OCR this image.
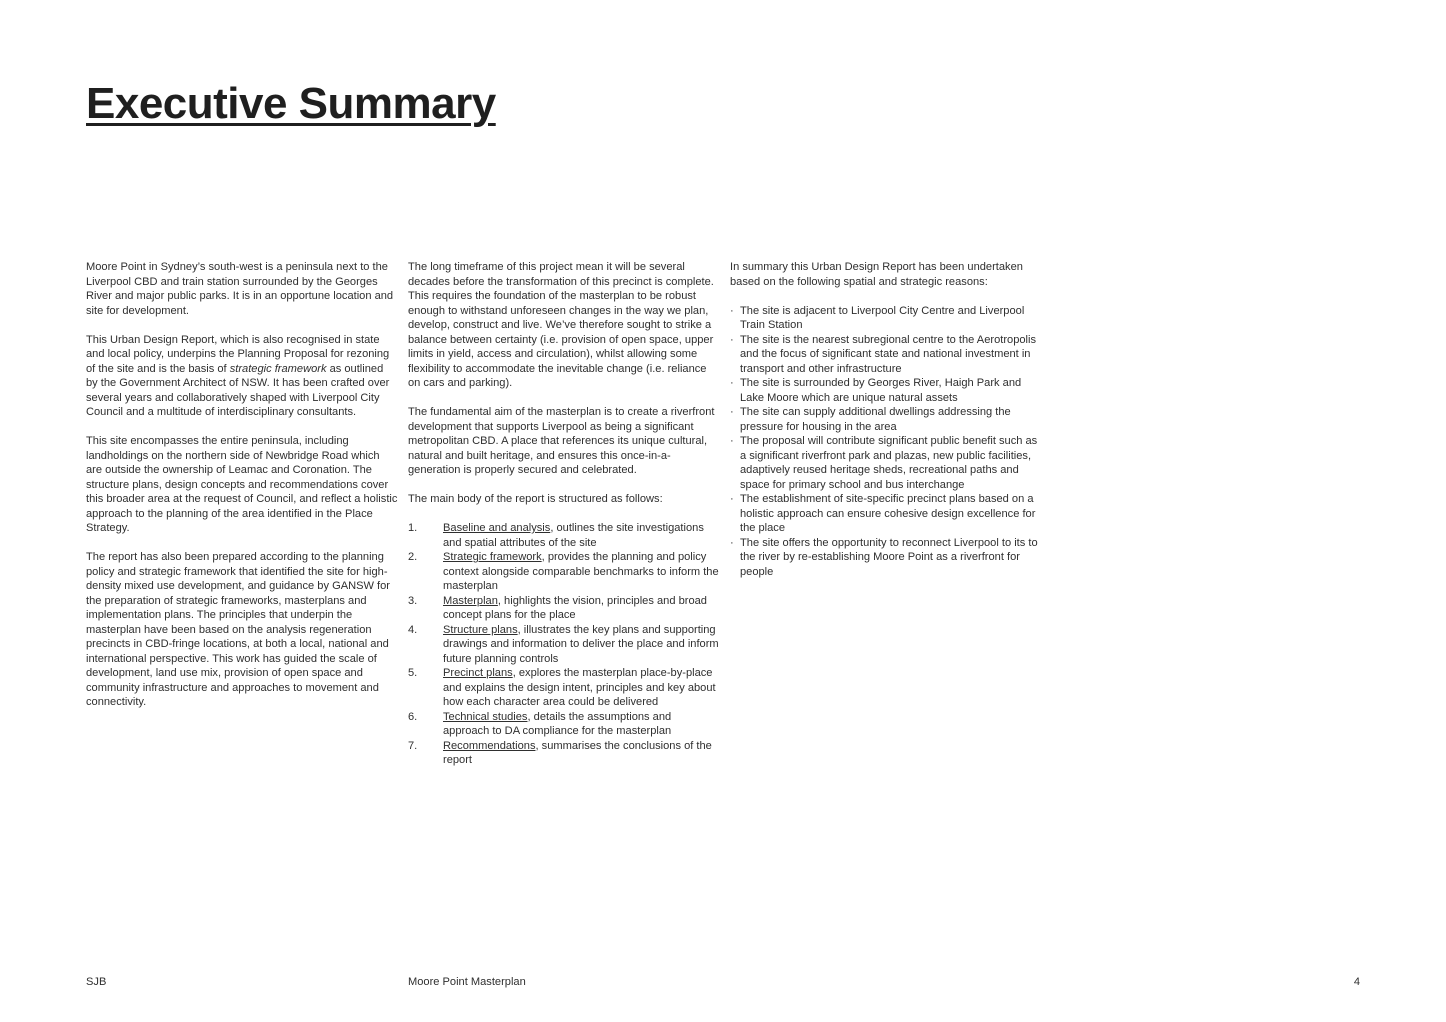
Executive Summary

Moore Point in Sydney’s south-west is a peninsula next to the Liverpool CBD and train station surrounded by the Georges River and major public parks. It is in an opportune location and site for development.

This Urban Design Report, which is also recognised in state and local policy, underpins the Planning Proposal for rezoning of the site and is the basis of strategic framework as outlined by the Government Architect of NSW. It has been crafted over several years and collaboratively shaped with Liverpool City Council and a multitude of interdisciplinary consultants.

This site encompasses the entire peninsula, including landholdings on the northern side of Newbridge Road which are outside the ownership of Leamac and Coronation. The structure plans, design concepts and recommendations cover this broader area at the request of Council, and reflect a holistic approach to the planning of the area identified in the Place Strategy.

The report has also been prepared according to the planning policy and strategic framework that identified the site for high-density mixed use development, and guidance by GANSW for the preparation of strategic frameworks, masterplans and implementation plans. The principles that underpin the masterplan have been based on the analysis regeneration precincts in CBD-fringe locations, at both a local, national and international perspective. This work has guided the scale of development, land use mix, provision of open space and community infrastructure and approaches to movement and connectivity.

The long timeframe of this project mean it will be several decades before the transformation of this precinct is complete. This requires the foundation of the masterplan to be robust enough to withstand unforeseen changes in the way we plan, develop, construct and live. We’ve therefore sought to strike a balance between certainty (i.e. provision of open space, upper limits in yield, access and circulation), whilst allowing some flexibility to accommodate the inevitable change (i.e. reliance on cars and parking).

The fundamental aim of the masterplan is to create a riverfront development that supports Liverpool as being a significant metropolitan CBD. A place that references its unique cultural, natural and built heritage, and ensures this once-in-a-generation is properly secured and celebrated.

The main body of the report is structured as follows:

1. Baseline and analysis, outlines the site investigations and spatial attributes of the site
2. Strategic framework, provides the planning and policy context alongside comparable benchmarks to inform the masterplan
3. Masterplan, highlights the vision, principles and broad concept plans for the place
4. Structure plans, illustrates the key plans and supporting drawings and information to deliver the place and inform future planning controls
5. Precinct plans, explores the masterplan place-by-place and explains the design intent, principles and key about how each character area could be delivered
6. Technical studies, details the assumptions and approach to DA compliance for the masterplan
7. Recommendations, summarises the conclusions of the report

In summary this Urban Design Report has been undertaken based on the following spatial and strategic reasons:

· The site is adjacent to Liverpool City Centre and Liverpool Train Station
· The site is the nearest subregional centre to the Aerotropolis and the focus of significant state and national investment in transport and other infrastructure
· The site is surrounded by Georges River, Haigh Park and Lake Moore which are unique natural assets
· The site can supply additional dwellings addressing the pressure for housing in the area
· The proposal will contribute significant public benefit such as a significant riverfront park and plazas, new public facilities, adaptively reused heritage sheds, recreational paths and space for primary school and bus interchange
· The establishment of site-specific precinct plans based on a holistic approach can ensure cohesive design excellence for the place
· The site offers the opportunity to reconnect Liverpool to its to the river by re-establishing Moore Point as a riverfront for people
SJB	Moore Point Masterplan	4
